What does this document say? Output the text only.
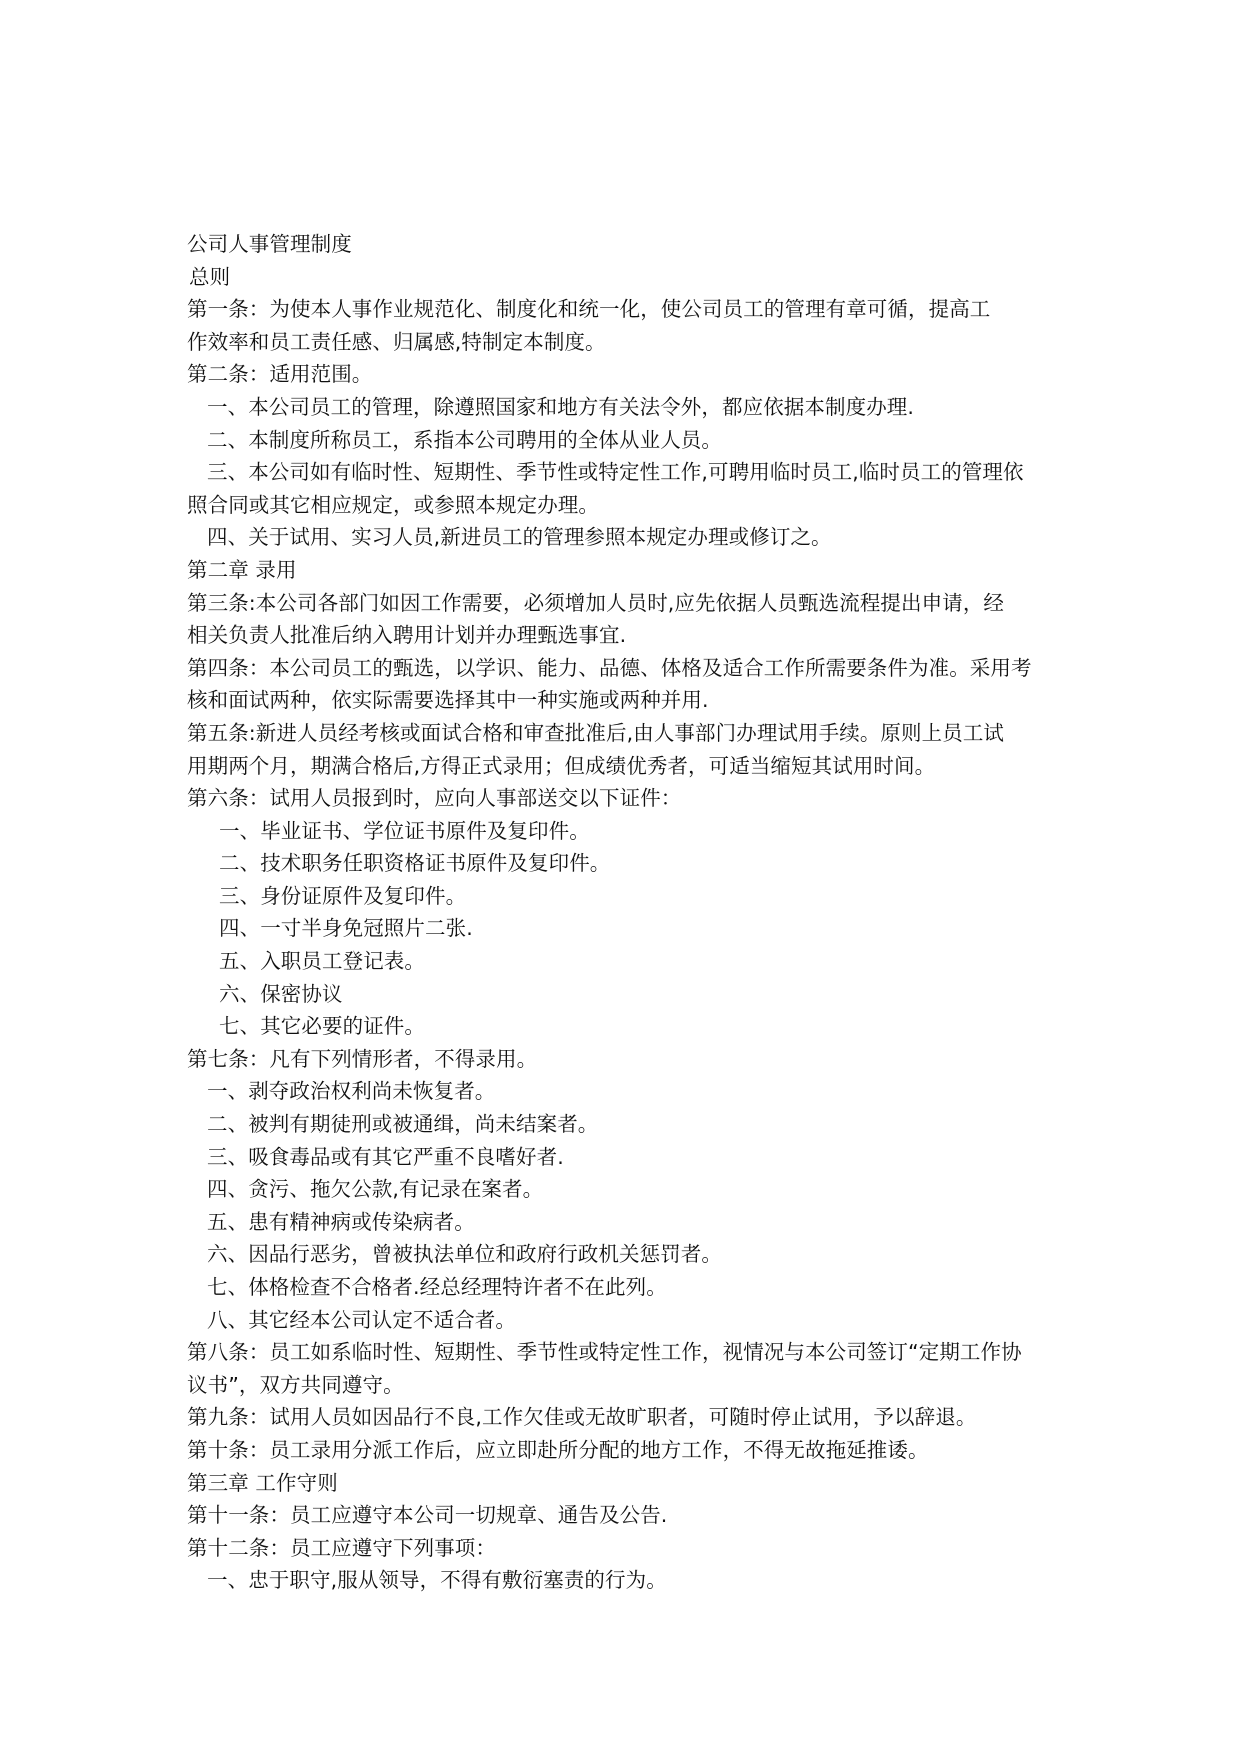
公司人事管理制度
总则
第一条：为使本人事作业规范化、制度化和统一化，使公司员工的管理有章可循，提高工
作效率和员工责任感、归属感,特制定本制度。
第二条：适用范围。
一、本公司员工的管理，除遵照国家和地方有关法令外，都应依据本制度办理.
二、本制度所称员工，系指本公司聘用的全体从业人员。
三、本公司如有临时性、短期性、季节性或特定性工作,可聘用临时员工,临时员工的管理依
照合同或其它相应规定，或参照本规定办理。
四、关于试用、实习人员,新进员工的管理参照本规定办理或修订之。
第二章 录用
第三条:本公司各部门如因工作需要，必须增加人员时,应先依据人员甄选流程提出申请，经
相关负责人批准后纳入聘用计划并办理甄选事宜.
第四条：本公司员工的甄选，以学识、能力、品德、体格及适合工作所需要条件为准。采用考
核和面试两种，依实际需要选择其中一种实施或两种并用.
第五条:新进人员经考核或面试合格和审查批准后,由人事部门办理试用手续。原则上员工试
用期两个月，期满合格后,方得正式录用；但成绩优秀者，可适当缩短其试用时间。
第六条：试用人员报到时，应向人事部送交以下证件：
一、毕业证书、学位证书原件及复印件。
二、技术职务任职资格证书原件及复印件。
三、身份证原件及复印件。
四、一寸半身免冠照片二张.
五、入职员工登记表。
六、保密协议
七、其它必要的证件。
第七条：凡有下列情形者，不得录用。
一、剥夺政治权利尚未恢复者。
二、被判有期徒刑或被通缉，尚未结案者。
三、吸食毒品或有其它严重不良嗜好者.
四、贪污、拖欠公款,有记录在案者。
五、患有精神病或传染病者。
六、因品行恶劣，曾被执法单位和政府行政机关惩罚者。
七、体格检查不合格者.经总经理特许者不在此列。
八、其它经本公司认定不适合者。
第八条：员工如系临时性、短期性、季节性或特定性工作，视情况与本公司签订“定期工作协
议书”，双方共同遵守。
第九条：试用人员如因品行不良,工作欠佳或无故旷职者，可随时停止试用，予以辞退。
第十条：员工录用分派工作后，应立即赴所分配的地方工作，不得无故拖延推诿。
第三章 工作守则
第十一条：员工应遵守本公司一切规章、通告及公告.
第十二条：员工应遵守下列事项：
一、忠于职守,服从领导，不得有敷衍塞责的行为。
